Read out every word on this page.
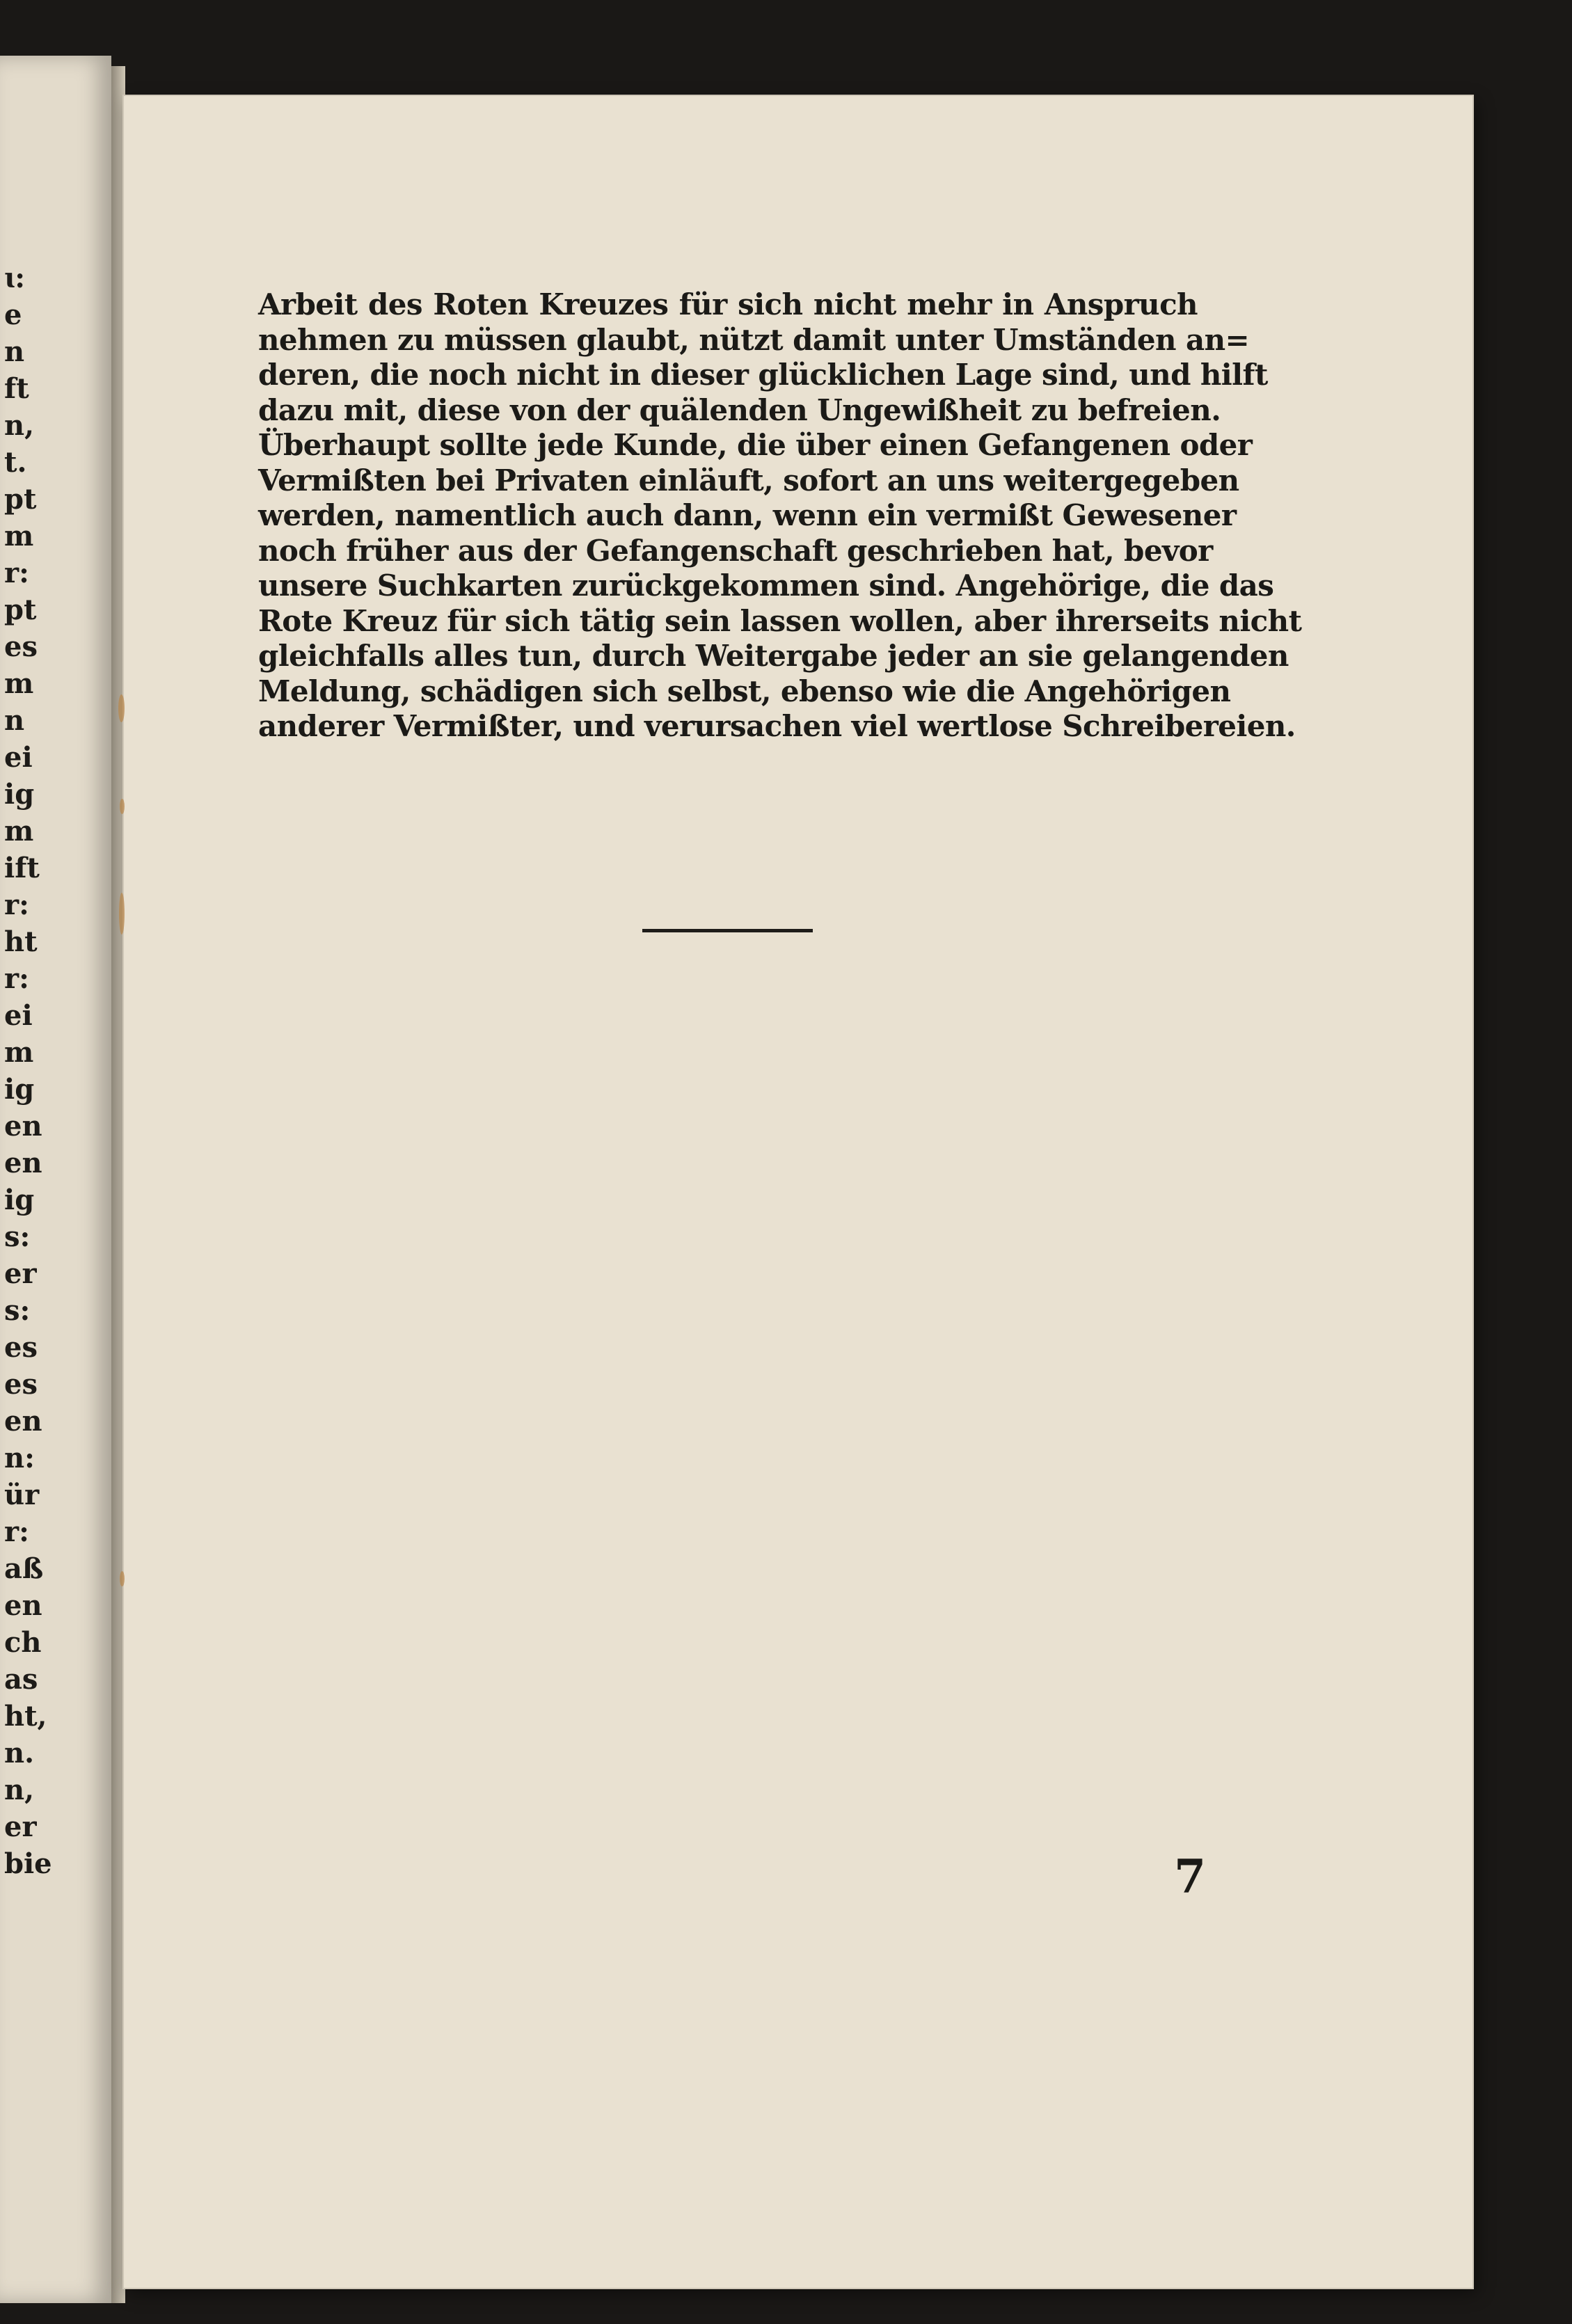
ɩ:
e
n
ft
n,
t.
pt
m
r:
pt
es
m
n
ei
ig
m
ift
r:
ht
r:
ei
m
ig
en
en
ig
s:
er
s:
es
es
en
n:
ür
r:
aß
en
ch
as
ht,
n.
n,
er
bie

Arbeit des Roten Kreuzes für sich nicht mehr in Anspruch
nehmen zu müssen glaubt, nützt damit unter Umständen an=
deren, die noch nicht in dieser glücklichen Lage sind, und hilft
dazu mit, diese von der quälenden Ungewißheit zu befreien.
Überhaupt sollte jede Kunde, die über einen Gefangenen oder
Vermißten bei Privaten einläuft, sofort an uns weitergegeben
werden, namentlich auch dann, wenn ein vermißt Gewesener
noch früher aus der Gefangenschaft geschrieben hat, bevor
unsere Suchkarten zurückgekommen sind. Angehörige, die das
Rote Kreuz für sich tätig sein lassen wollen, aber ihrerseits nicht
gleichfalls alles tun, durch Weitergabe jeder an sie gelangenden
Meldung, schädigen sich selbst, ebenso wie die Angehörigen
anderer Vermißter, und verursachen viel wertlose Schreibereien.

7
